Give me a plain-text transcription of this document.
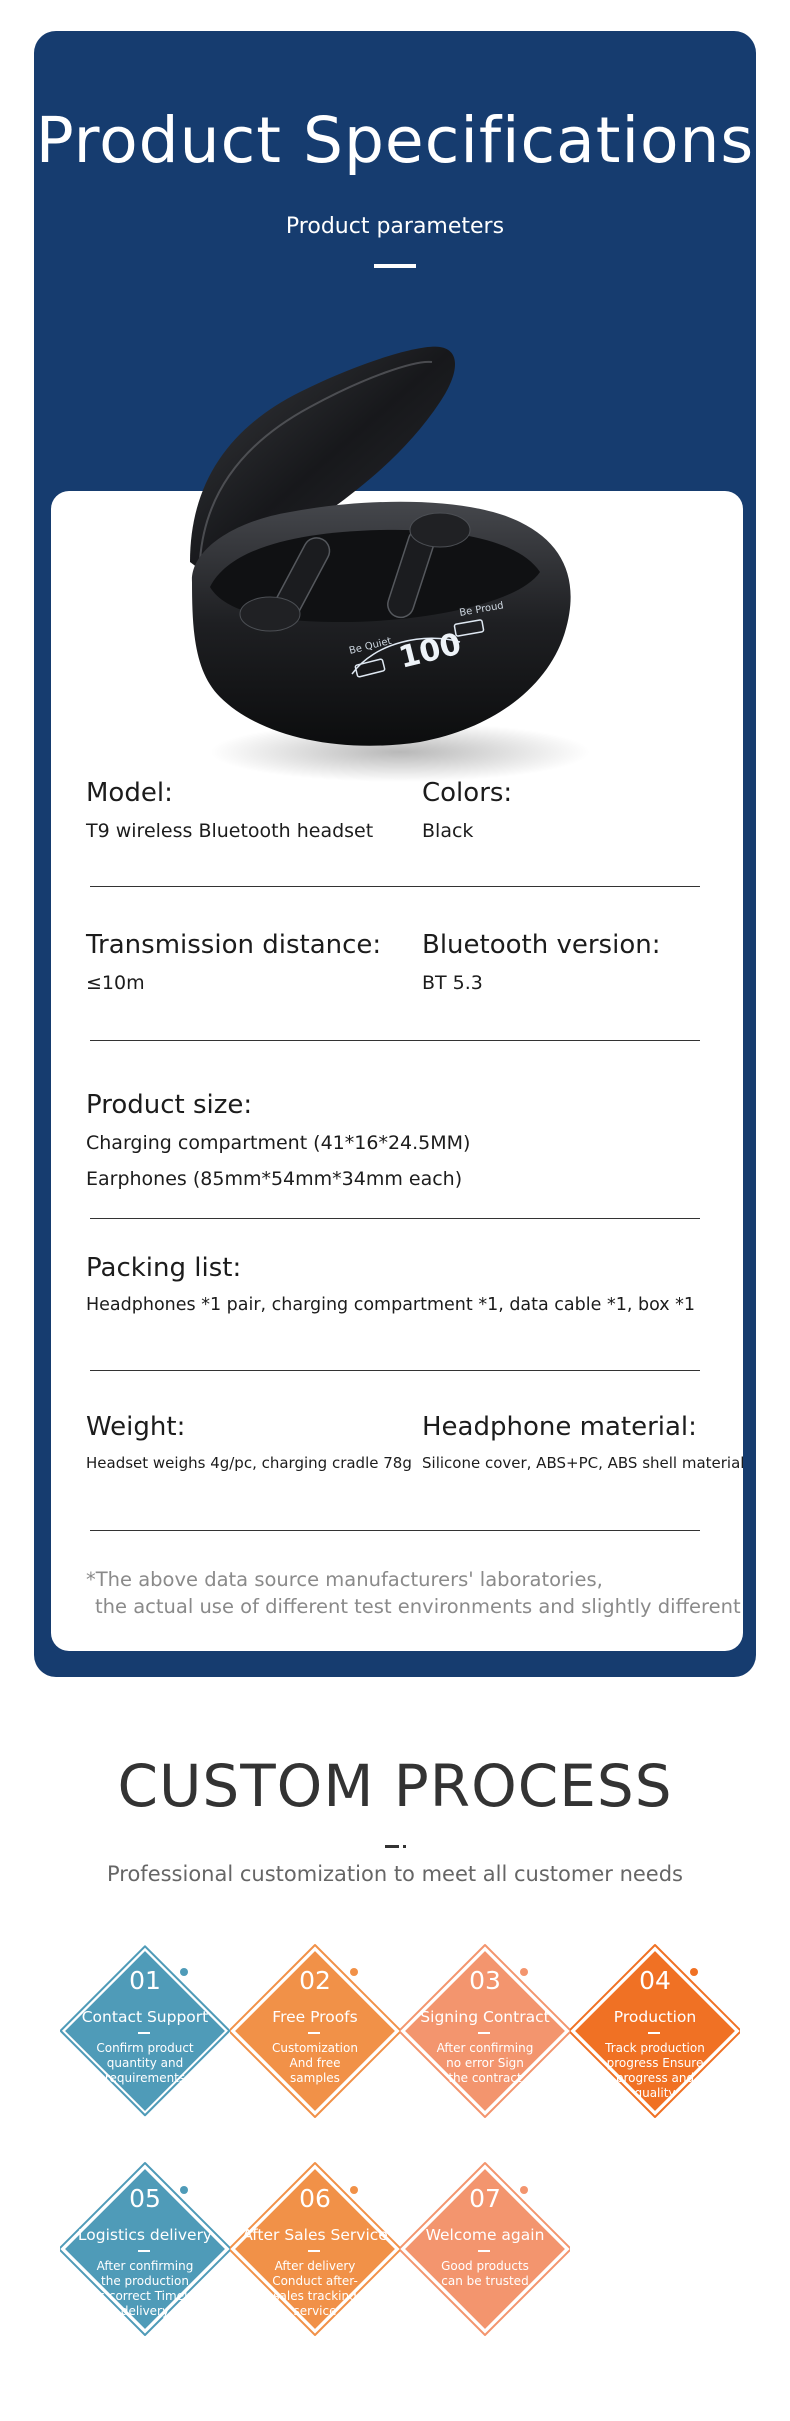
Product Specifications

Product parameters

100
Be Quiet
Be Proud

Model:

T9 wireless Bluetooth headset

Colors:

Black

Transmission distance:

≤10m

Bluetooth version:

BT 5.3

Product size:

Charging compartment (41*16*24.5MM)

Earphones (85mm*54mm*34mm each)

Packing list:

Headphones *1 pair, charging compartment *1, data cable *1, box *1

Weight:

Headset weighs 4g/pc, charging cradle 78g

Headphone material:

Silicone cover, ABS+PC, ABS shell material

*The above data source manufacturers' laboratories,

the actual use of different test environments and slightly different

CUSTOM PROCESS

Professional customization to meet all customer needs

01

Contact Support

Confirm product quantity and requirements

02

Free Proofs

Customization And free samples

03

Signing Contract

After confirming no error Sign the contract

04

Production

Track production progress Ensure progress and quality

05

Logistics delivery

After confirming the production is correct Timely delivery

06

After Sales Service

After delivery Conduct after-sales tracking service

07

Welcome again

Good products can be trusted
